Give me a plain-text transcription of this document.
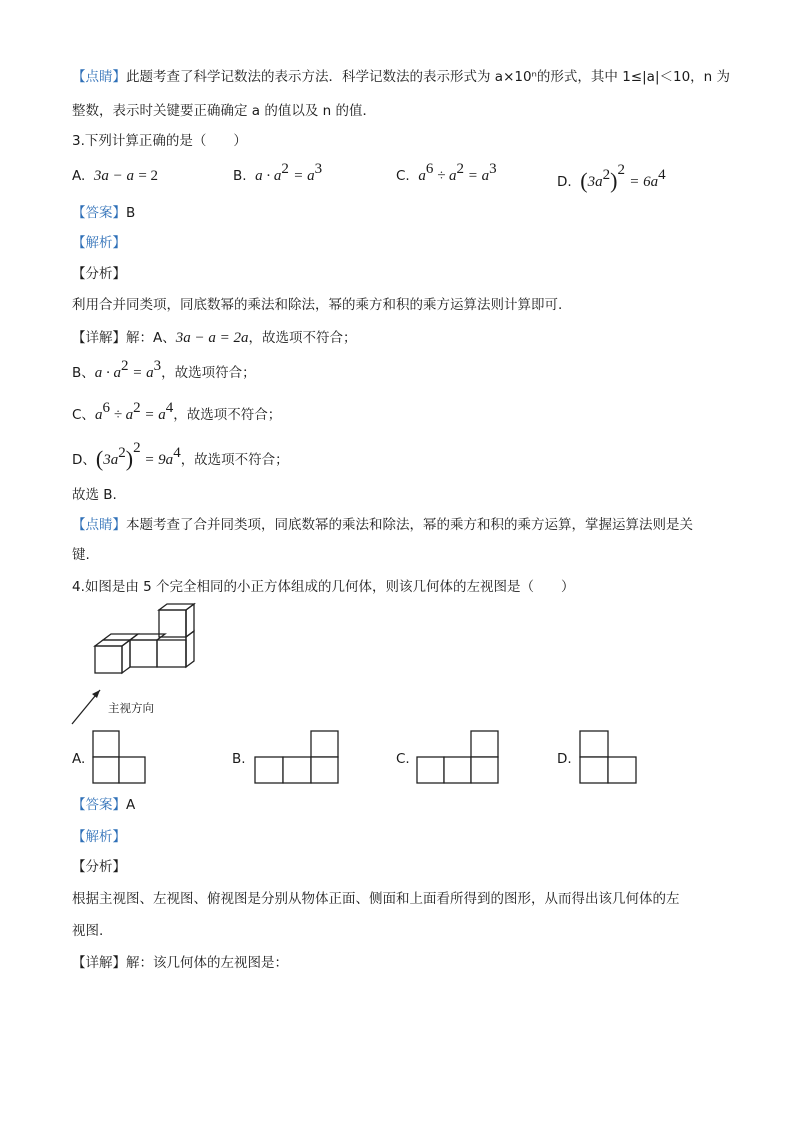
【点睛】此题考查了科学记数法的表示方法．科学记数法的表示形式为 a×10ⁿ的形式，其中 1≤|a|＜10，n 为
整数，表示时关键要正确确定 a 的值以及 n 的值．
3.下列计算正确的是（　　）
A. 3a − a = 2	B. $a \cdot a^2 = a^3$	C. $a^6 \div a^2 = a^3$
D. $(3a^2)^2 = 6a^4$
【答案】B
【解析】
【分析】
利用合并同类项，同底数幂的乘法和除法，幂的乘方和积的乘方运算法则计算即可.
【详解】解：A、3a − a = 2a，故选项不符合；
B、$a \cdot a^2 = a^3$，故选项符合；
C、$a^6 \div a^2 = a^4$，故选项不符合；
D、$(3a^2)^2 = 9a^4$，故选项不符合；
故选 B.
【点睛】本题考查了合并同类项，同底数幂的乘法和除法，幂的乘方和积的乘方运算，掌握运算法则是关
键.
4.如图是由 5 个完全相同的小正方体组成的几何体，则该几何体的左视图是（　　）
主视方向
A.	B.	C.	D.
【答案】A
【解析】
【分析】
根据主视图、左视图、俯视图是分别从物体正面、侧面和上面看所得到的图形，从而得出该几何体的左
视图.
【详解】解：该几何体的左视图是：
